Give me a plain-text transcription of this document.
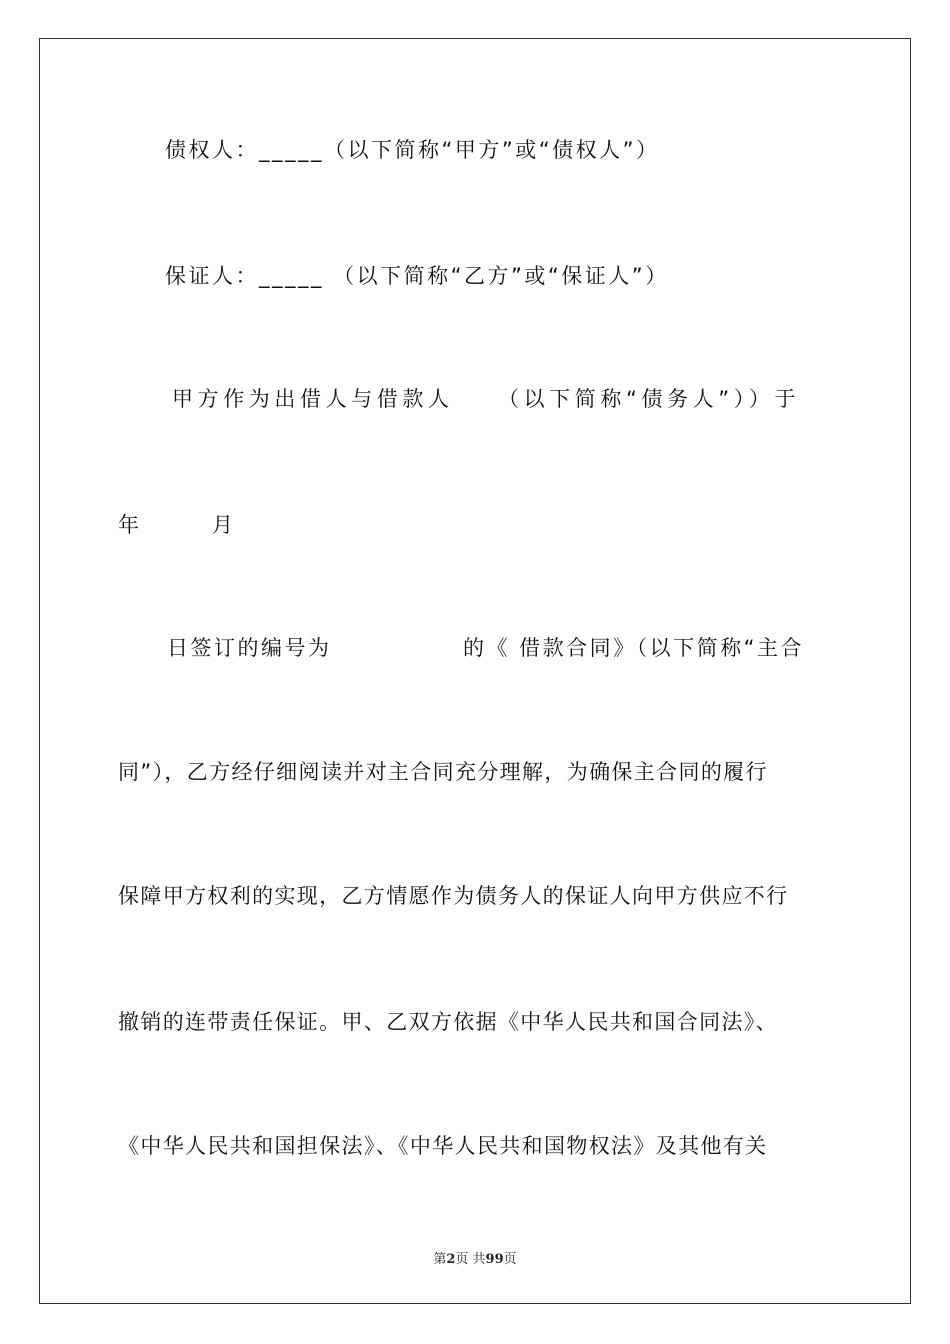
债权人：_____（以下简称“甲方”或“债权人”）
保证人：_____ （以下简称“乙方”或“保证人”）
甲方作为出借人与借款人 （以下简称“债务人”））于
年	月
日签订的编号为	的《 借款合同》（以下简称“主合
同”），乙方经仔细阅读并对主合同充分理解，为确保主合同的履行
保障甲方权利的实现，乙方情愿作为债务人的保证人向甲方供应不行
撤销的连带责任保证。甲、乙双方依据《中华人民共和国合同法》、
《中华人民共和国担保法》、《中华人民共和国物权法》及其他有关
第2页 共99页
